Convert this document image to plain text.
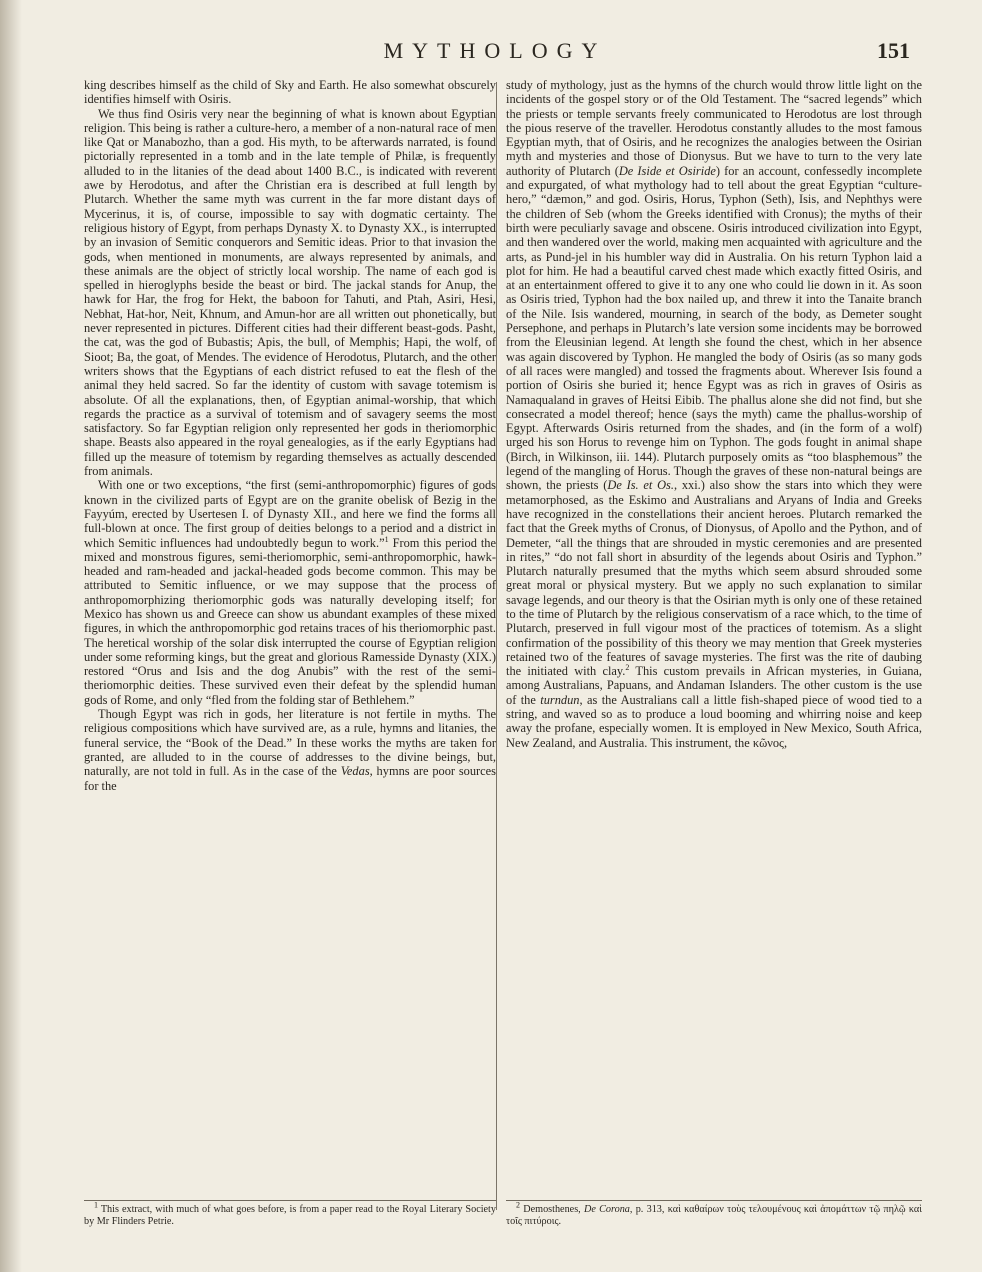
MYTHOLOGY	151

king describes himself as the child of Sky and Earth. He also somewhat obscurely identifies himself with Osiris.

We thus find Osiris very near the beginning of what is known about Egyptian religion. This being is rather a culture-hero, a member of a non-natural race of men like Qat or Manabozho, than a god. His myth, to be afterwards narrated, is found pictorially represented in a tomb and in the late temple of Philæ, is frequently alluded to in the litanies of the dead about 1400 B.C., is indicated with reverent awe by Herodotus, and after the Christian era is described at full length by Plutarch. Whether the same myth was current in the far more distant days of Mycerinus, it is, of course, impossible to say with dogmatic certainty. The religious history of Egypt, from perhaps Dynasty X. to Dynasty XX., is interrupted by an invasion of Semitic conquerors and Semitic ideas. Prior to that invasion the gods, when mentioned in monuments, are always represented by animals, and these animals are the object of strictly local worship. The name of each god is spelled in hieroglyphs beside the beast or bird. The jackal stands for Anup, the hawk for Har, the frog for Hekt, the baboon for Tahuti, and Ptah, Asiri, Hesi, Nebhat, Hat-hor, Neit, Khnum, and Amun-hor are all written out phonetically, but never represented in pictures. Different cities had their different beast-gods. Pasht, the cat, was the god of Bubastis; Apis, the bull, of Memphis; Hapi, the wolf, of Sioot; Ba, the goat, of Mendes. The evidence of Herodotus, Plutarch, and the other writers shows that the Egyptians of each district refused to eat the flesh of the animal they held sacred. So far the identity of custom with savage totemism is absolute. Of all the explanations, then, of Egyptian animal-worship, that which regards the practice as a survival of totemism and of savagery seems the most satisfactory. So far Egyptian religion only represented her gods in theriomorphic shape. Beasts also appeared in the royal genealogies, as if the early Egyptians had filled up the measure of totemism by regarding themselves as actually descended from animals.

With one or two exceptions, “the first (semi-anthropomorphic) figures of gods known in the civilized parts of Egypt are on the granite obelisk of Bezig in the Fayyúm, erected by Usertesen I. of Dynasty XII., and here we find the forms all full-blown at once. The first group of deities belongs to a period and a district in which Semitic influences had undoubtedly begun to work.”$^1$ From this period the mixed and monstrous figures, semi-theriomorphic, semi-anthropomorphic, hawk-headed and ram-headed and jackal-headed gods become common. This may be attributed to Semitic influence, or we may suppose that the process of anthropomorphizing theriomorphic gods was naturally developing itself; for Mexico has shown us and Greece can show us abundant examples of these mixed figures, in which the anthropomorphic god retains traces of his theriomorphic past. The heretical worship of the solar disk interrupted the course of Egyptian religion under some reforming kings, but the great and glorious Ramesside Dynasty (XIX.) restored “Orus and Isis and the dog Anubis” with the rest of the semi-theriomorphic deities. These survived even their defeat by the splendid human gods of Rome, and only “fled from the folding star of Bethlehem.”

Though Egypt was rich in gods, her literature is not fertile in myths. The religious compositions which have survived are, as a rule, hymns and litanies, the funeral service, the “Book of the Dead.” In these works the myths are taken for granted, are alluded to in the course of addresses to the divine beings, but, naturally, are not told in full. As in the case of the Vedas, hymns are poor sources for the

$^1$ This extract, with much of what goes before, is from a paper read to the Royal Literary Society by Mr Flinders Petrie.

study of mythology, just as the hymns of the church would throw little light on the incidents of the gospel story or of the Old Testament. The “sacred legends” which the priests or temple servants freely communicated to Herodotus are lost through the pious reserve of the traveller. Herodotus constantly alludes to the most famous Egyptian myth, that of Osiris, and he recognizes the analogies between the Osirian myth and mysteries and those of Dionysus. But we have to turn to the very late authority of Plutarch (De Iside et Osiride) for an account, confessedly incomplete and expurgated, of what mythology had to tell about the great Egyptian “culture-hero,” “dæmon,” and god. Osiris, Horus, Typhon (Seth), Isis, and Nephthys were the children of Seb (whom the Greeks identified with Cronus); the myths of their birth were peculiarly savage and obscene. Osiris introduced civilization into Egypt, and then wandered over the world, making men acquainted with agriculture and the arts, as Pund-jel in his humbler way did in Australia. On his return Typhon laid a plot for him. He had a beautiful carved chest made which exactly fitted Osiris, and at an entertainment offered to give it to any one who could lie down in it. As soon as Osiris tried, Typhon had the box nailed up, and threw it into the Tanaite branch of the Nile. Isis wandered, mourning, in search of the body, as Demeter sought Persephone, and perhaps in Plutarch’s late version some incidents may be borrowed from the Eleusinian legend. At length she found the chest, which in her absence was again discovered by Typhon. He mangled the body of Osiris (as so many gods of all races were mangled) and tossed the fragments about. Wherever Isis found a portion of Osiris she buried it; hence Egypt was as rich in graves of Osiris as Namaqualand in graves of Heitsi Eibib. The phallus alone she did not find, but she consecrated a model thereof; hence (says the myth) came the phallus-worship of Egypt. Afterwards Osiris returned from the shades, and (in the form of a wolf) urged his son Horus to revenge him on Typhon. The gods fought in animal shape (Birch, in Wilkinson, iii. 144). Plutarch purposely omits as “too blasphemous” the legend of the mangling of Horus. Though the graves of these non-natural beings are shown, the priests (De Is. et Os., xxi.) also show the stars into which they were metamorphosed, as the Eskimo and Australians and Aryans of India and Greeks have recognized in the constellations their ancient heroes. Plutarch remarked the fact that the Greek myths of Cronus, of Dionysus, of Apollo and the Python, and of Demeter, “all the things that are shrouded in mystic ceremonies and are presented in rites,” “do not fall short in absurdity of the legends about Osiris and Typhon.” Plutarch naturally presumed that the myths which seem absurd shrouded some great moral or physical mystery. But we apply no such explanation to similar savage legends, and our theory is that the Osirian myth is only one of these retained to the time of Plutarch by the religious conservatism of a race which, to the time of Plutarch, preserved in full vigour most of the practices of totemism. As a slight confirmation of the possibility of this theory we may mention that Greek mysteries retained two of the features of savage mysteries. The first was the rite of daubing the initiated with clay.$^2$ This custom prevails in African mysteries, in Guiana, among Australians, Papuans, and Andaman Islanders. The other custom is the use of the turndun, as the Australians call a little fish-shaped piece of wood tied to a string, and waved so as to produce a loud booming and whirring noise and keep away the profane, especially women. It is employed in New Mexico, South Africa, New Zealand, and Australia. This instrument, the κῶνος,

$^2$ Demosthenes, De Corona, p. 313, καὶ καθαίρων τοὺς τελουμένους καὶ ἀπομάττων τῷ πηλῷ καὶ τοῖς πιτύροις.
